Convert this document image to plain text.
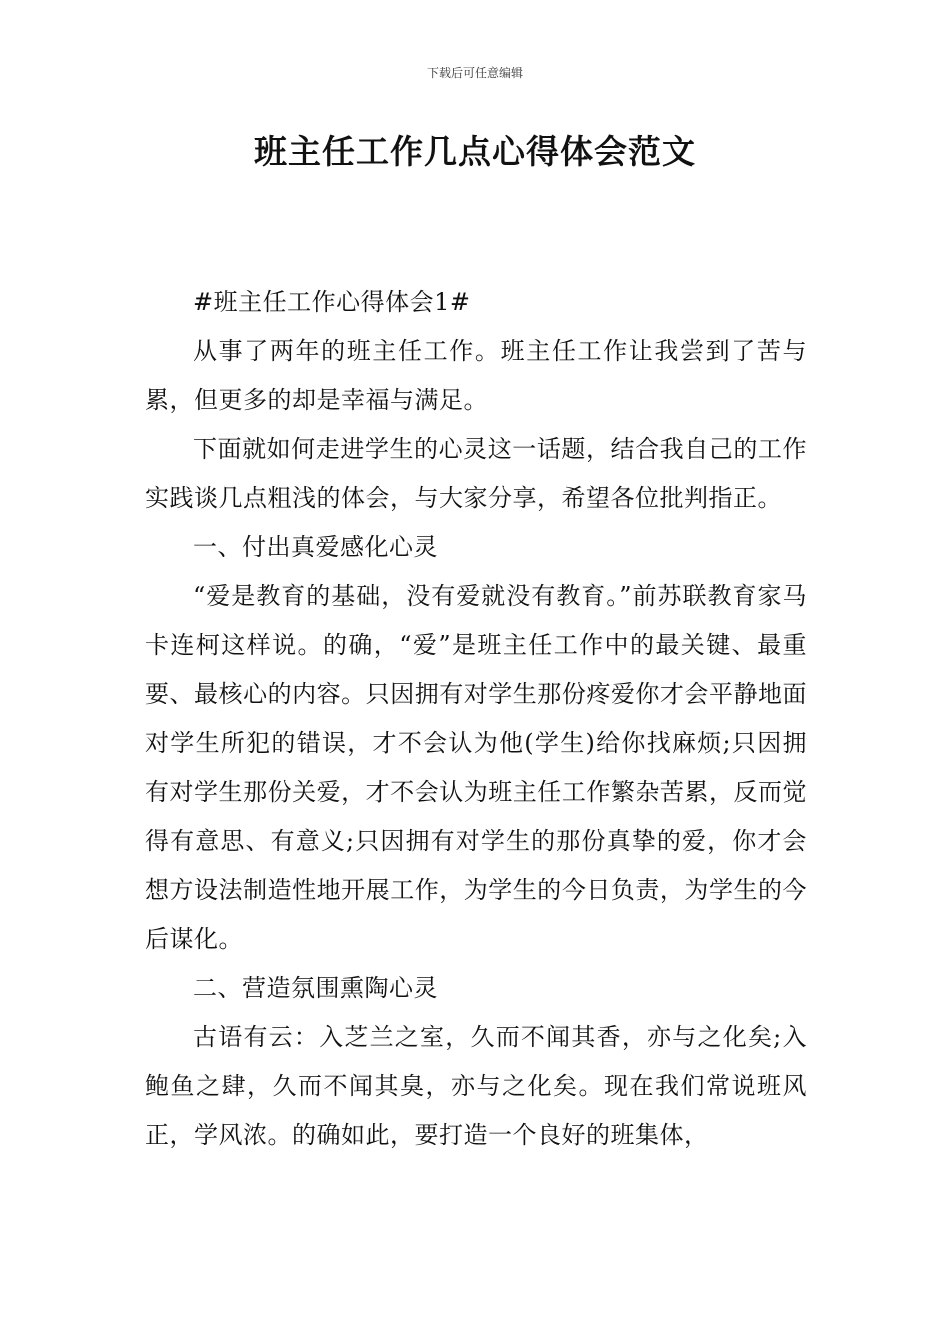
下载后可任意编辑
班主任工作几点心得体会范文

#班主任工作心得体会1#

从事了两年的班主任工作。班主任工作让我尝到了苦与累，但更多的却是幸福与满足。

下面就如何走进学生的心灵这一话题，结合我自己的工作实践谈几点粗浅的体会，与大家分享，希望各位批判指正。

一、付出真爱感化心灵

“爱是教育的基础，没有爱就没有教育。”前苏联教育家马卡连柯这样说。的确，“爱”是班主任工作中的最关键、最重要、最核心的内容。只因拥有对学生那份疼爱你才会平静地面对学生所犯的错误，才不会认为他(学生)给你找麻烦;只因拥有对学生那份关爱，才不会认为班主任工作繁杂苦累，反而觉得有意思、有意义;只因拥有对学生的那份真挚的爱，你才会想方设法制造性地开展工作，为学生的今日负责，为学生的今后谋化。

二、营造氛围熏陶心灵

古语有云：入芝兰之室，久而不闻其香，亦与之化矣;入鲍鱼之肆，久而不闻其臭，亦与之化矣。现在我们常说班风正，学风浓。的确如此，要打造一个良好的班集体，
